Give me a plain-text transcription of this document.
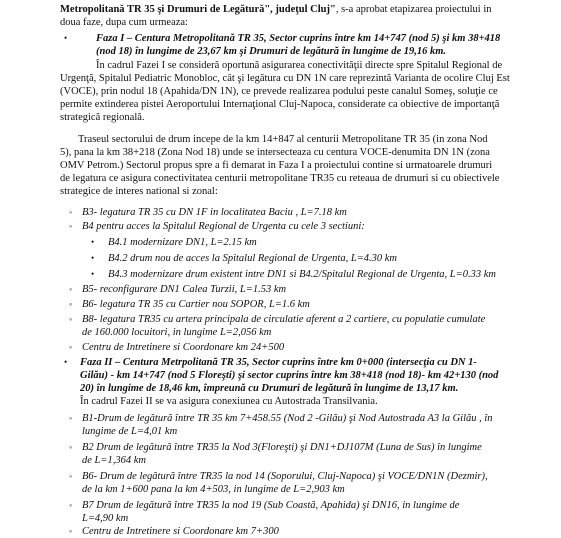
Metropolitană TR 35 şi Drumuri de Legătură", judeţul Cluj", s-a aprobat etapizarea proiectului in
doua faze, dupa cum urmeaza:
•	Faza I – Centura Metropolitană TR 35, Sector cuprins între km 14+747 (nod 5) şi km 38+418
(nod 18) în lungime de 23,67 km şi Drumuri de legătură în lungime de 19,16 km.
În cadrul Fazei I se consideră oportună asigurarea conectivităţii directe spre Spitalul Regional de
Urgenţă, Spitalul Pediatric Monobloc, cât şi legătura cu DN 1N care reprezintă Varianta de ocolire Cluj Est
(VOCE), prin nodul 18 (Apahida/DN 1N), ce prevede realizarea podului peste canalul Someş, soluţie ce
permite extinderea pistei Aeroportului Internaţional Cluj-Napoca, considerate ca obiective de importanţă
strategică regională.
Traseul sectorului de drum incepe de la km 14+847 al centurii Metropolitane TR 35 (in zona Nod
5), pana la km 38+218 (Zona Nod 18) unde se intersecteaza cu centura VOCE-denumita DN 1N (zona
OMV Petrom.) Sectorul propus spre a fi demarat in Faza I a proiectului contine si urmatoarele drumuri
de legatura ce asigura conectivitatea centurii metropolitane TR35 cu reteaua de drumuri si cu obiectivele
strategice de interes national si zonal:
◦ B3- legatura TR 35 cu DN 1F in localitatea Baciu , L=7.18 km
◦ B4 pentru acces la Spitalul Regional de Urgenta cu cele 3 sectiuni:
• B4.1 modernizare DN1, L=2.15 km
• B4.2 drum nou de acces la Spitalul Regional de Urgenta, L=4.30 km
• B4.3 modernizare drum existent intre DN1 si B4.2/Spitalul Regional de Urgenta, L=0.33 km
◦ B5- reconfigurare DN1 Calea Turzii, L=1.53 km
◦ B6- legatura TR 35 cu Cartier nou SOPOR, L=1.6 km
◦ B8- legatura TR35 cu artera principala de circulatie aferent a 2 cartiere, cu populatie cumulate
de 160.000 locuitori, in lungime L=2,056 km
◦ Centru de Intretinere si Coordonare km 24+500
• Faza II – Centura Metrpolitană TR 35, Sector cuprins între km 0+000 (intersecţia cu DN 1-
Gilău) - km 14+747 (nod 5 Floreşti) şi sector cuprins între km 38+418 (nod 18)- km 42+130 (nod
20) în lungime de 18,46 km, împreună cu Drumuri de legătură în lungime de 13,17 km.
În cadrul Fazei II se va asigura conexiunea cu Autostrada Transilvania.
◦ B1-Drum de legătură între TR 35 km 7+458.55 (Nod 2 -Gilău) şi Nod Autostrada A3 la Gilău , în
lungime de L=4,01 km
◦ B2 Drum de legătură între TR35 la Nod 3(Floreşti) şi DN1+DJ107M (Luna de Sus) în lungime
de L=1,364 km
◦ B6- Drum de legătură între TR35 la nod 14 (Soporului, Cluj-Napoca) şi VOCE/DN1N (Dezmir),
de la km 1+600 pana la km 4+503, in lungime de L=2,903 km
◦ B7 Drum de legătură între TR35 la nod 19 (Sub Coastă, Apahida) şi DN16, in lungime de
L=4,90 km
◦ Centru de Intretinere si Coordonare km 7+300
